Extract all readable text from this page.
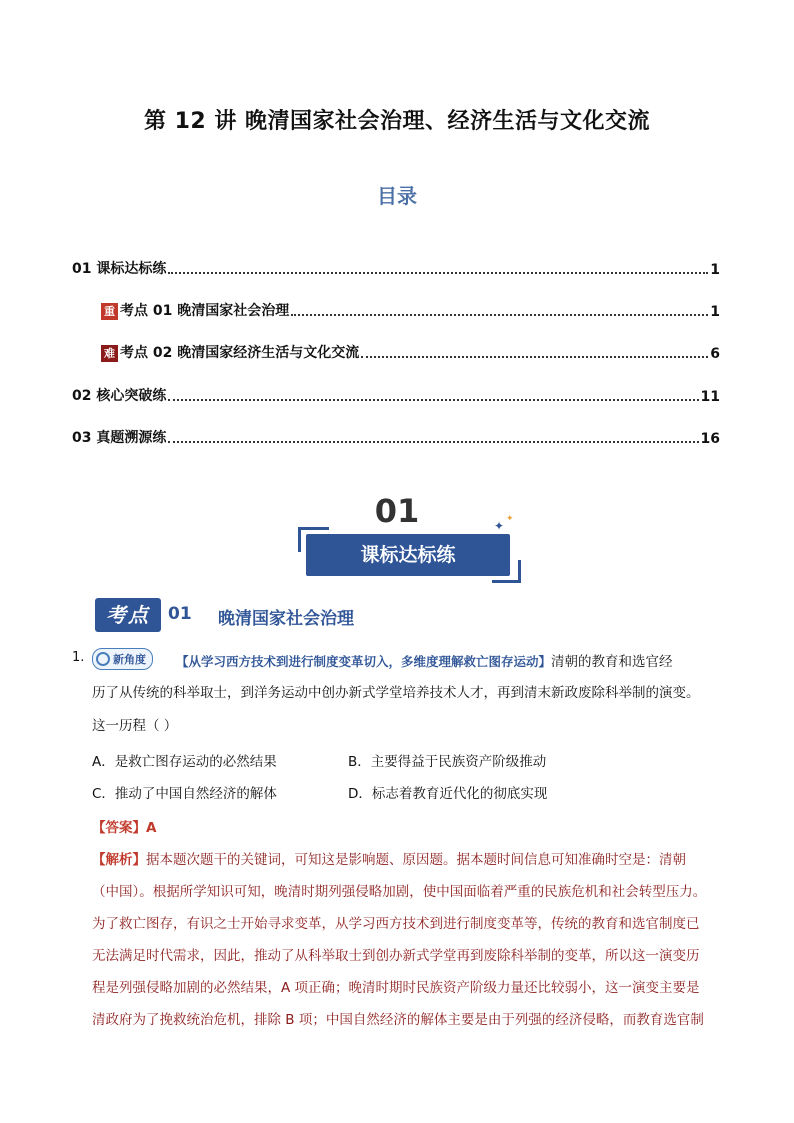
第 12 讲 晚清国家社会治理、经济生活与文化交流
目录
01 课标达标练	1
重 考点 01 晚清国家社会治理	1
难 考点 02 晚清国家经济生活与文化交流	6
02 核心突破练	11
03 真题溯源练	16
01	✦ ✦
课标达标练
考点	01 晚清国家社会治理
1.	新角度 【从学习西方技术到进行制度变革切入，多维度理解救亡图存运动】清朝的教育和选官经
历了从传统的科举取士，到洋务运动中创办新式学堂培养技术人才，再到清末新政废除科举制的演变。
这一历程（ ）
A．是救亡图存运动的必然结果	B．主要得益于民族资产阶级推动
C．推动了中国自然经济的解体	D．标志着教育近代化的彻底实现
【答案】A
【解析】据本题次题干的关键词，可知这是影响题、原因题。据本题时间信息可知准确时空是：清朝
（中国）。根据所学知识可知，晚清时期列强侵略加剧，使中国面临着严重的民族危机和社会转型压力。
为了救亡图存，有识之士开始寻求变革，从学习西方技术到进行制度变革等，传统的教育和选官制度已
无法满足时代需求，因此，推动了从科举取士到创办新式学堂再到废除科举制的变革，所以这一演变历
程是列强侵略加剧的必然结果，A 项正确；晚清时期时民族资产阶级力量还比较弱小，这一演变主要是
清政府为了挽救统治危机，排除 B 项；中国自然经济的解体主要是由于列强的经济侵略，而教育选官制
